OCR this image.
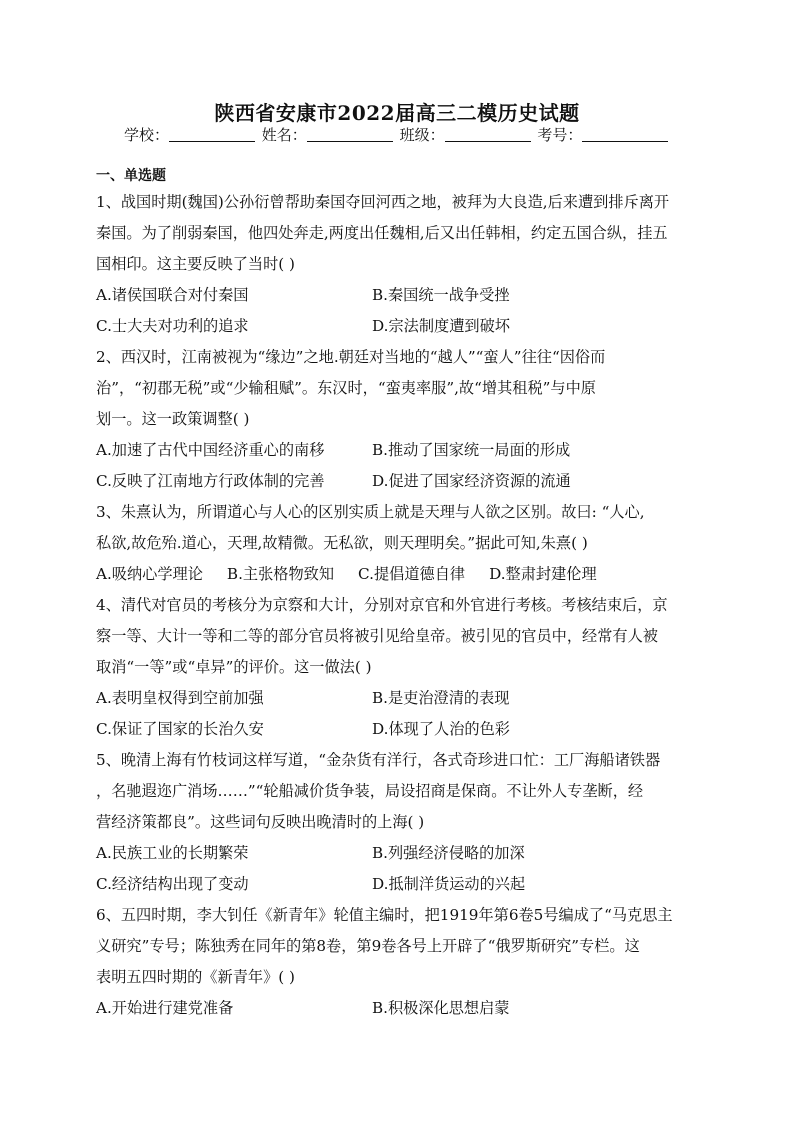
陕西省安康市2022届高三二模历史试题
学校：	姓名：	班级：	考号：
一、单选题
1、战国时期(魏国)公孙衍曾帮助秦国夺回河西之地，被拜为大良造,后来遭到排斥离开
秦国。为了削弱秦国，他四处奔走,两度出任魏相,后又出任韩相，约定五国合纵，挂五
国相印。这主要反映了当时( )
A.诸侯国联合对付秦国	B.秦国统一战争受挫
C.士大夫对功利的追求	D.宗法制度遭到破坏
2、西汉时，江南被视为“缘边”之地.朝廷对当地的“越人”“蛮人”往往“因俗而
治”，“初郡无税”或“少输租赋”。东汉时，“蛮夷率服”,故“增其租税”与中原
划一。这一政策调整( )
A.加速了古代中国经济重心的南移	B.推动了国家统一局面的形成
C.反映了江南地方行政体制的完善	D.促进了国家经济资源的流通
3、朱熹认为，所谓道心与人心的区别实质上就是天理与人欲之区别。故曰: “人心,
私欲,故危殆.道心，天理,故精微。无私欲，则天理明矣。”据此可知,朱熹( )
A.吸纳心学理论 B.主张格物致知 C.提倡道德自律 D.整肃封建伦理
4、清代对官员的考核分为京察和大计，分别对京官和外官进行考核。考核结束后，京
察一等、大计一等和二等的部分官员将被引见给皇帝。被引见的官员中，经常有人被
取消“一等”或“卓异”的评价。这一做法( )
A.表明皇权得到空前加强	B.是吏治澄清的表现
C.保证了国家的长治久安	D.体现了人治的色彩
5、晚清上海有竹枝词这样写道，“金杂货有洋行，各式奇珍进口忙：工厂海船诸铁器
，名驰遐迩广消场……”“轮船减价货争装，局设招商是保商。不让外人专垄断，经
营经济策都良”。这些词句反映出晚清时的上海( )
A.民族工业的长期繁荣	B.列强经济侵略的加深
C.经济结构出现了变动	D.抵制洋货运动的兴起
6、五四时期，李大钊任《新青年》轮值主编时，把1919年第6卷5号编成了“马克思主
义研究”专号；陈独秀在同年的第8卷，第9卷各号上开辟了“俄罗斯研究”专栏。这
表明五四时期的《新青年》( )
A.开始进行建党准备	B.积极深化思想启蒙
